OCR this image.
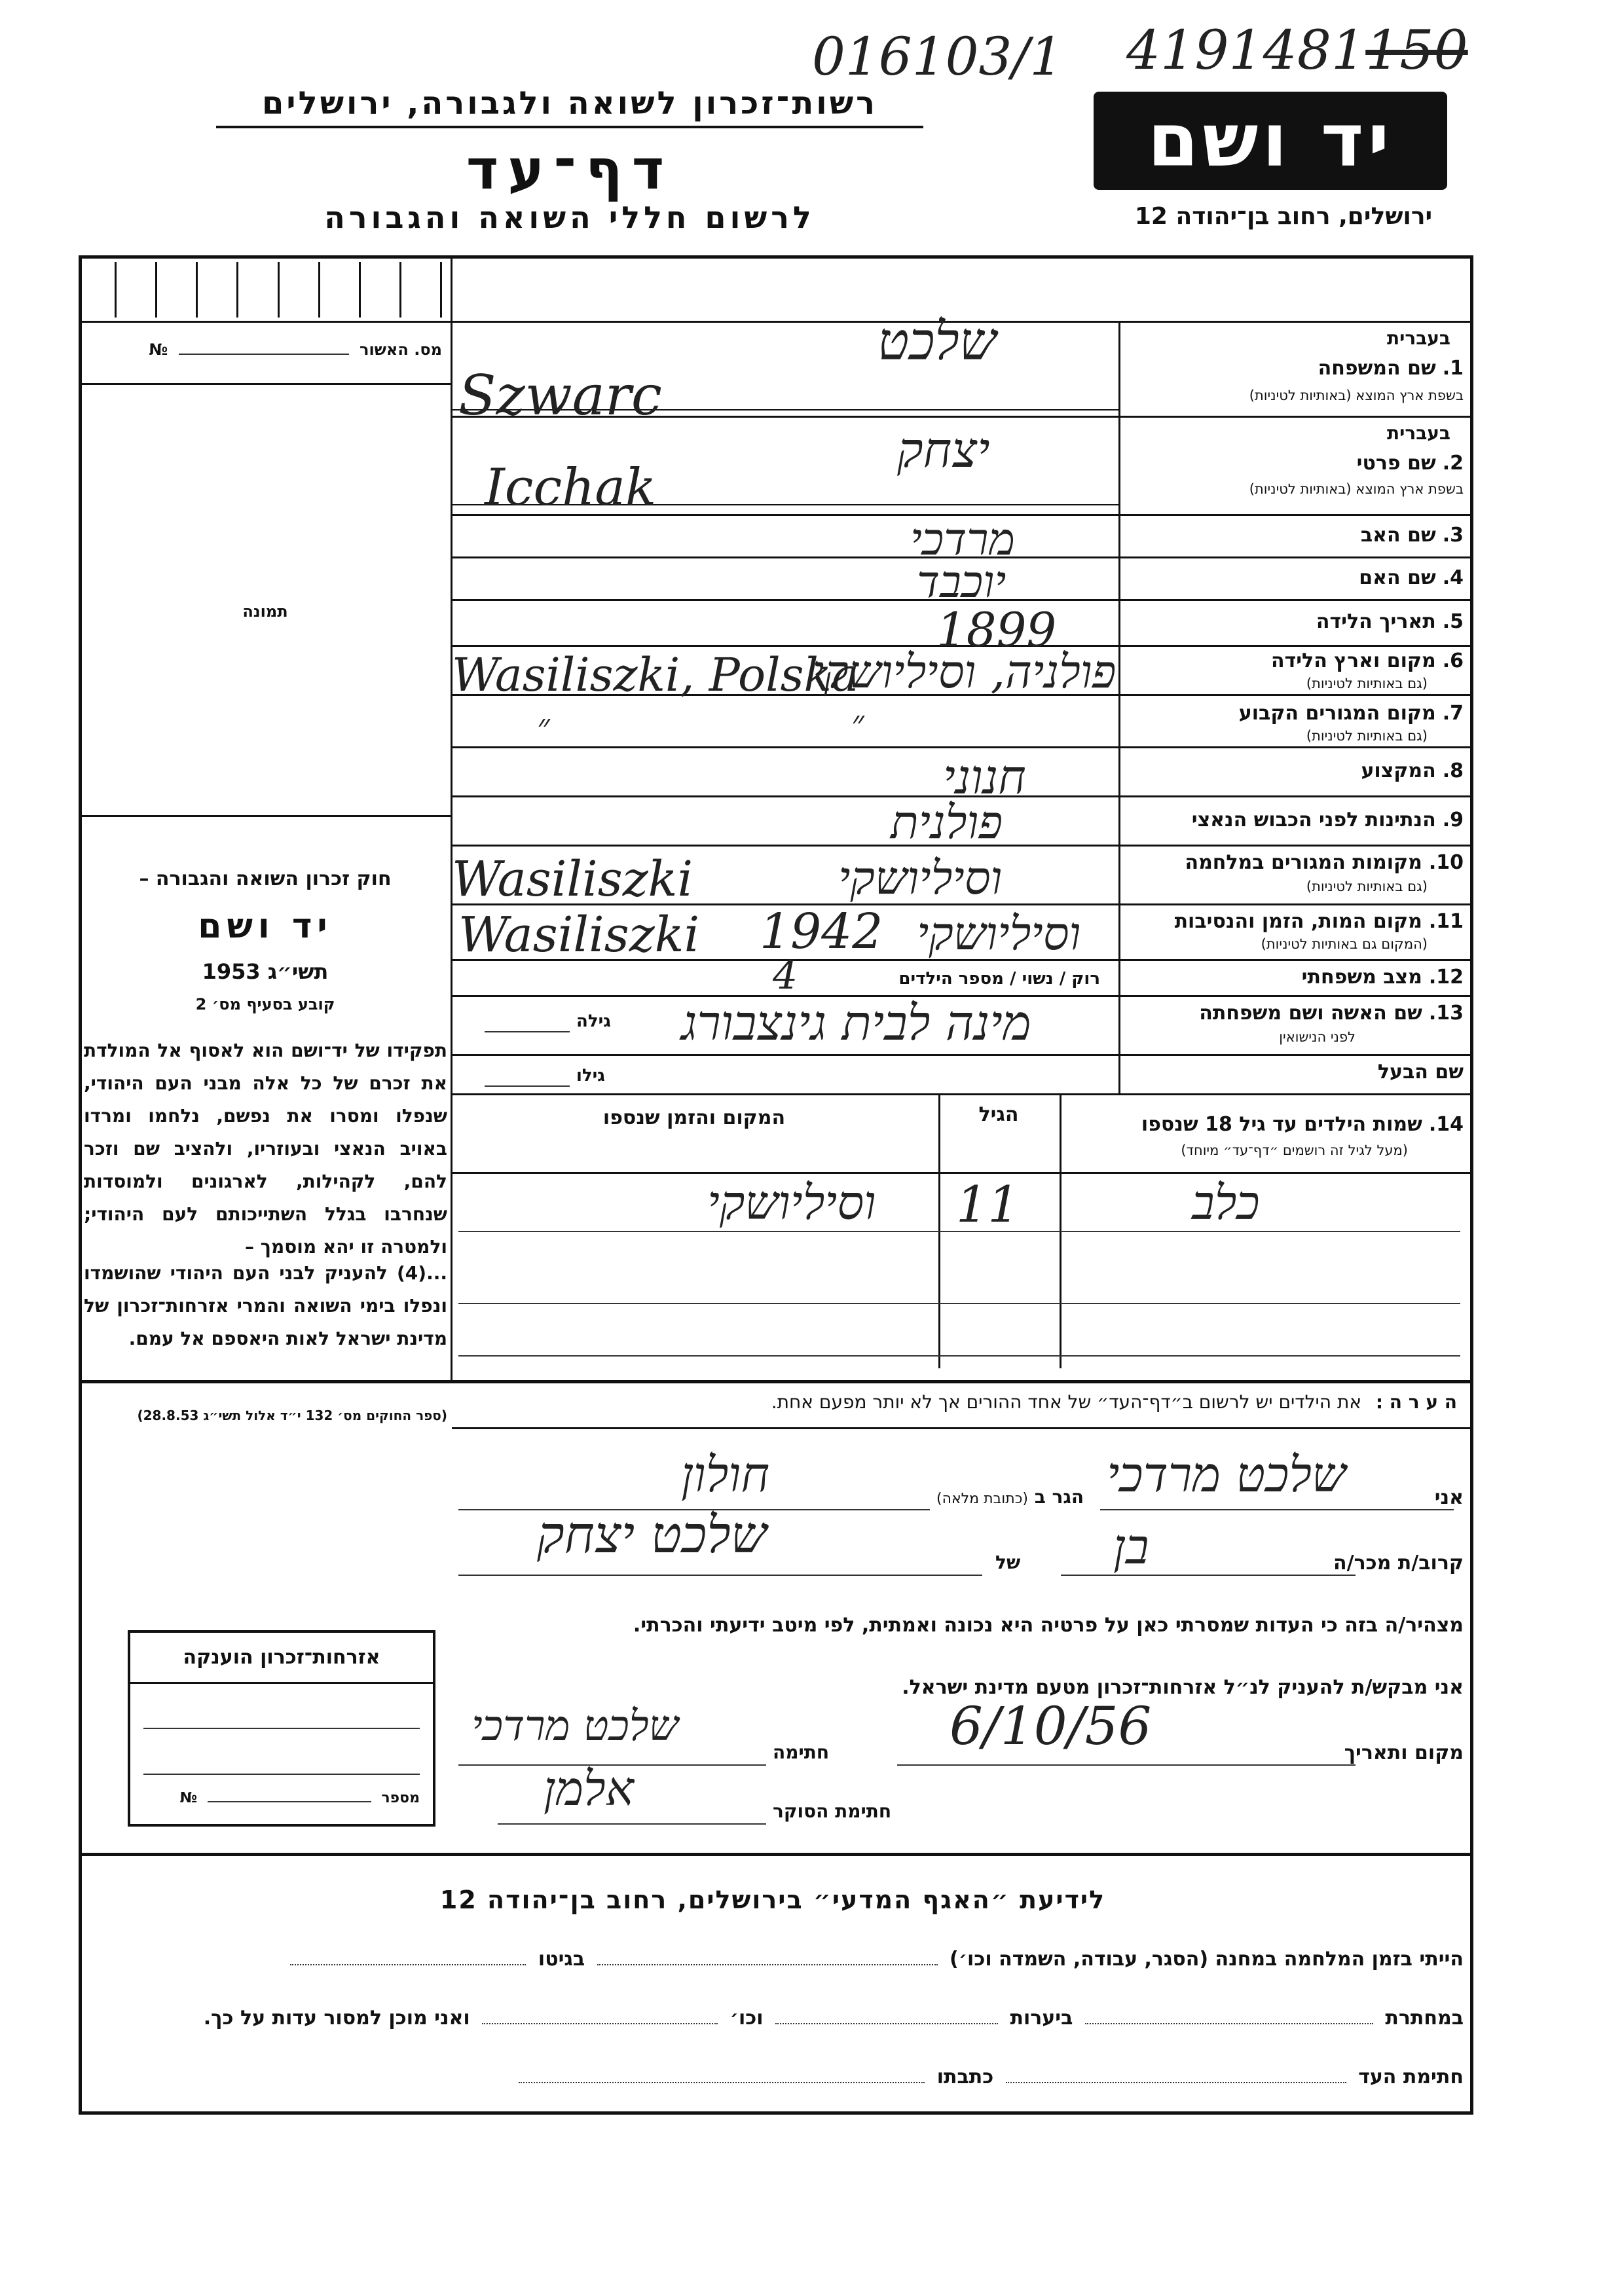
016103/1 4191481150
רשות־זכרון לשואה ולגבורה, ירושלים
דף־עד
לרשום חללי השואה והגבורה
יד ושם
ירושלים, רחוב בן־יהודה 12
מס. האשור  №
תמונה
חוק זכרון השואה והגבורה –
יד ושם
תשי״ג 1953
קובע בסעיף מס׳ 2
תפקידו של יד־ושם הוא לאסוף אל המולדת את זכרם של כל אלה מבני העם היהודי, שנפלו ומסרו את נפשם, נלחמו ומרדו באויב הנאצי ובעוזריו, ולהציב שם וזכר להם, לקהילות, לארגונים ולמוסדות שנחרבו בגלל השתייכותם לעם היהודי; ולמטרה זו יהא מוסמך –
...(4) להעניק לבני העם היהודי שהושמדו ונפלו בימי השואה והמרי אזרחות־זכרון של מדינת ישראל לאות היאספם אל עמם.
(ספר החוקים מס׳ 132 י״ד אלול תשי״ג 28.8.53)
בעברית
1.שם המשפחה
בשפת ארץ המוצא (באותיות לטיניות)
בעברית
2.שם פרטי
בשפת ארץ המוצא (באותיות לטיניות)
3.שם האב
4.שם האם
5.תאריך הלידה
6.מקום וארץ הלידה
(גם באותיות לטיניות)
7.מקום המגורים הקבוע
(גם באותיות לטיניות)
8.המקצוע
9.הנתינות לפני הכבוש הנאצי
10.מקומות המגורים במלחמה
(גם באותיות לטיניות)
11.מקום המות, הזמן והנסיבות
(המקום גם באותיות לטיניות)
12.מצב משפחתי
רוק / נשוי / מספר הילדים
13.שם האשה ושם משפחתה
לפני הנישואין
שם הבעל
גילה
גילו
שלכט
Szwarc
יצחק
Icchak
מרדכי
יוכבד
1899
פולניה, וסיליושקי
Wasiliszki, Polska
״	״
חנוני
פולנית
וסיליושקי
Wasiliszki
וסיליושקי
1942
Wasiliszki
4
מינה לבית גינצבורג
14.שמות הילדים עד גיל 18 שנספו
(מעל לגיל זה רושמים ״דף־עד״ מיוחד)
הגיל
המקום והזמן שנספו
כלב
11
וסיליושקי
ה ע ר ה : את הילדים יש לרשום ב״דף־העד״ של אחד ההורים אך לא יותר מפעם אחת.
אני
שלכט מרדכי
הגר ב (כתובת מלאה)
חולון
קרוב/ת מכר/ה
בן
של
שלכט יצחק
מצהיר/ה בזה כי העדות שמסרתי כאן על פרטיה היא נכונה ואמתית, לפי מיטב ידיעתי והכרתי.
אני מבקש/ת להעניק לנ״ל אזרחות־זכרון מטעם מדינת ישראל.
מקום ותאריך
6/10/56
חתימה
שלכט מרדכי
חתימת הסוקר
אלמן
אזרחות־זכרון הוענקה
מספר  №
לידיעת ״האגף המדעי״ בירושלים, רחוב בן־יהודה 12
הייתי בזמן המלחמה במחנה (הסגר, עבודה, השמדה וכו׳)  בגיטו
במחתרת  ביערות  וכו׳  ואני מוכן למסור עדות על כך.
חתימת העד  כתבתו
